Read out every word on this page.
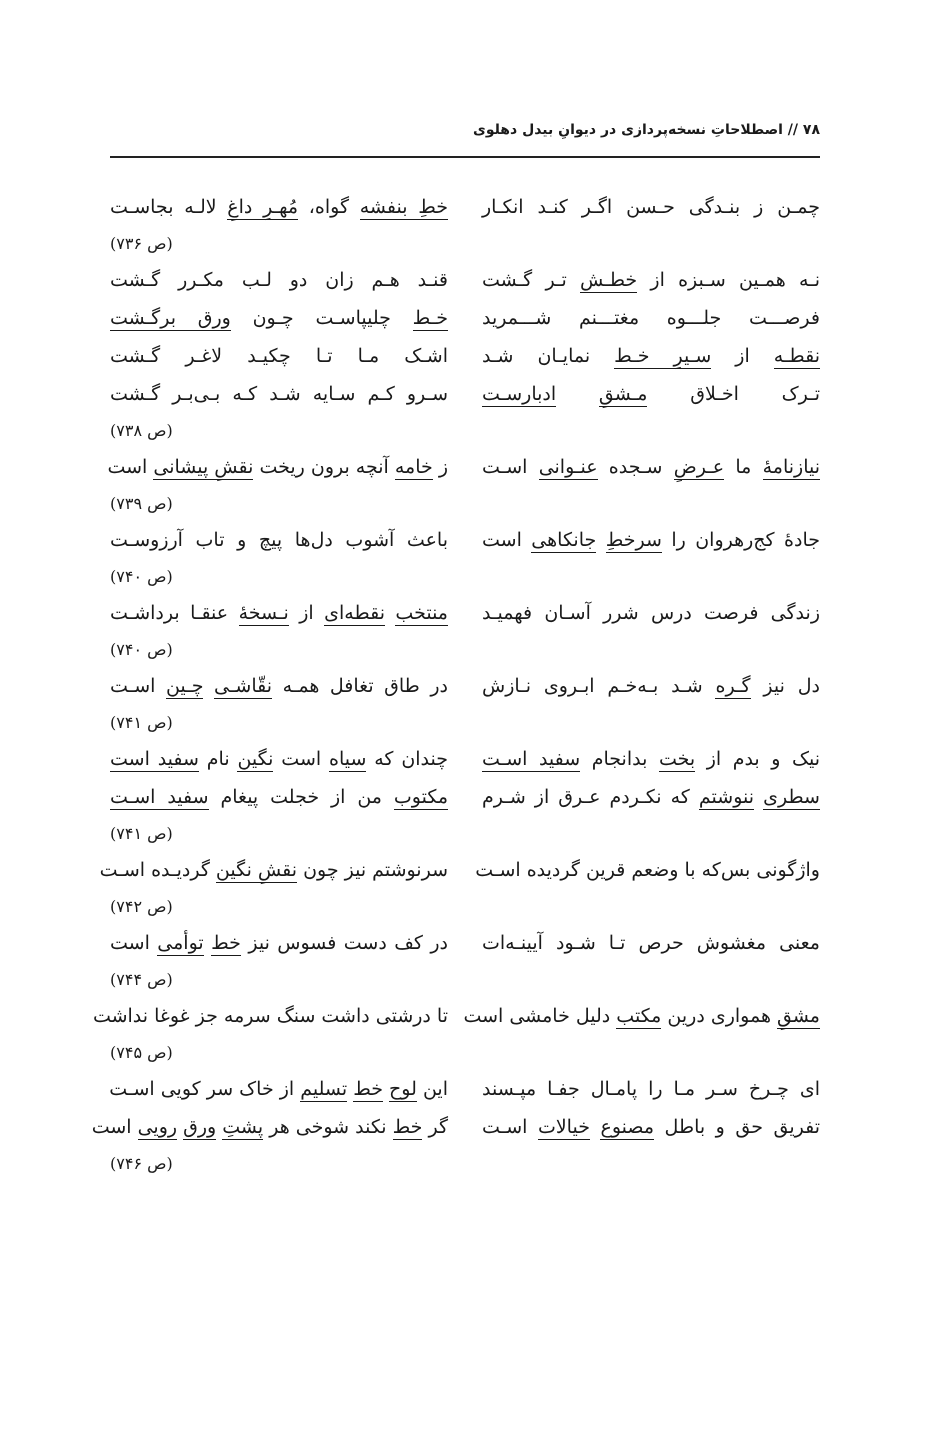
۷۸ // اصطلاحاتِ نسخه‌پردازی در دیوانِ بیدل دهلوی
چمـن ز بنـدگی حـسن اگـر کنـد انکـار
خطِ بنفشه گواه، مُهـرِ داغِ لالـه بجاسـت
(ص ۷۳۶)
نـه همـین سـبزه از خطـش تـر گـشت
قنـد هـم زان دو لـب مکـرر گـشت
فرصـــت جلـــوه مغتـــنم شـــمرید
خـط چلیپاسـت چـون ورق برگـشت
نقطـه از سـیرِ خـط نمایـان شـد
اشـک مـا تـا چکیـد لاغـر گـشت
تـرک اخـلاق مـشقِ ادبارسـت
سـرو کـم سـایه شـد کـه بـی‌بـر گـشت
(ص ۷۳۸)
نیازنامهٔ ما عـرضِ سـجده عنـوانی اسـت
ز خامه آنچه برون ریخت نقشِ پیشانی است
(ص ۷۳۹)
جادهٔ کج‌رهروان را سرخطِ جانکاهی است
باعث آشوب دل‌ها پیچ و تاب آرزوسـت
(ص ۷۴۰)
زندگی فرصت درس شرر آسـان فهمیـد
منتخب نقطه‌ای از نـسخهٔ عنقـا برداشـت
(ص ۷۴۰)
دل نیز گـره شـد بـه‌خـم ابـروی نـازش
در طاق تغافل همـه نقّاشـی چـین اسـت
(ص ۷۴۱)
نیک و بدم از بخت بدانجام سفید اسـت
چندان که سیاه است نگین نام سفید است
سطری ننوشتم که نکـردم عـرق از شـرم
مکتوب من از خجلت پیغام سفید اسـت
(ص ۷۴۱)
واژگونی بس‌که با وضعم قرین گردیده اسـت
سرنوشتم نیز چون نقشِ نگین گردیـده اسـت
(ص ۷۴۲)
معنی مغشوش حرص تـا شـود آیینـه‌ات
در کف دست فسوس نیز خط توأمی است
(ص ۷۴۴)
مشقِ همواری درین مکتب دلیل خامشی است
تا درشتی داشت سنگ سرمه جز غوغا نداشت
(ص ۷۴۵)
ای چـرخ سـر مـا را پامـال جفـا مپـسند
این لوح خط تسلیم از خاک سر کویی اسـت
تفریق حق و باطل مصنوع خیالات اسـت
گر خط نکند شوخی هر پشتِ ورق رویی است
(ص ۷۴۶)
